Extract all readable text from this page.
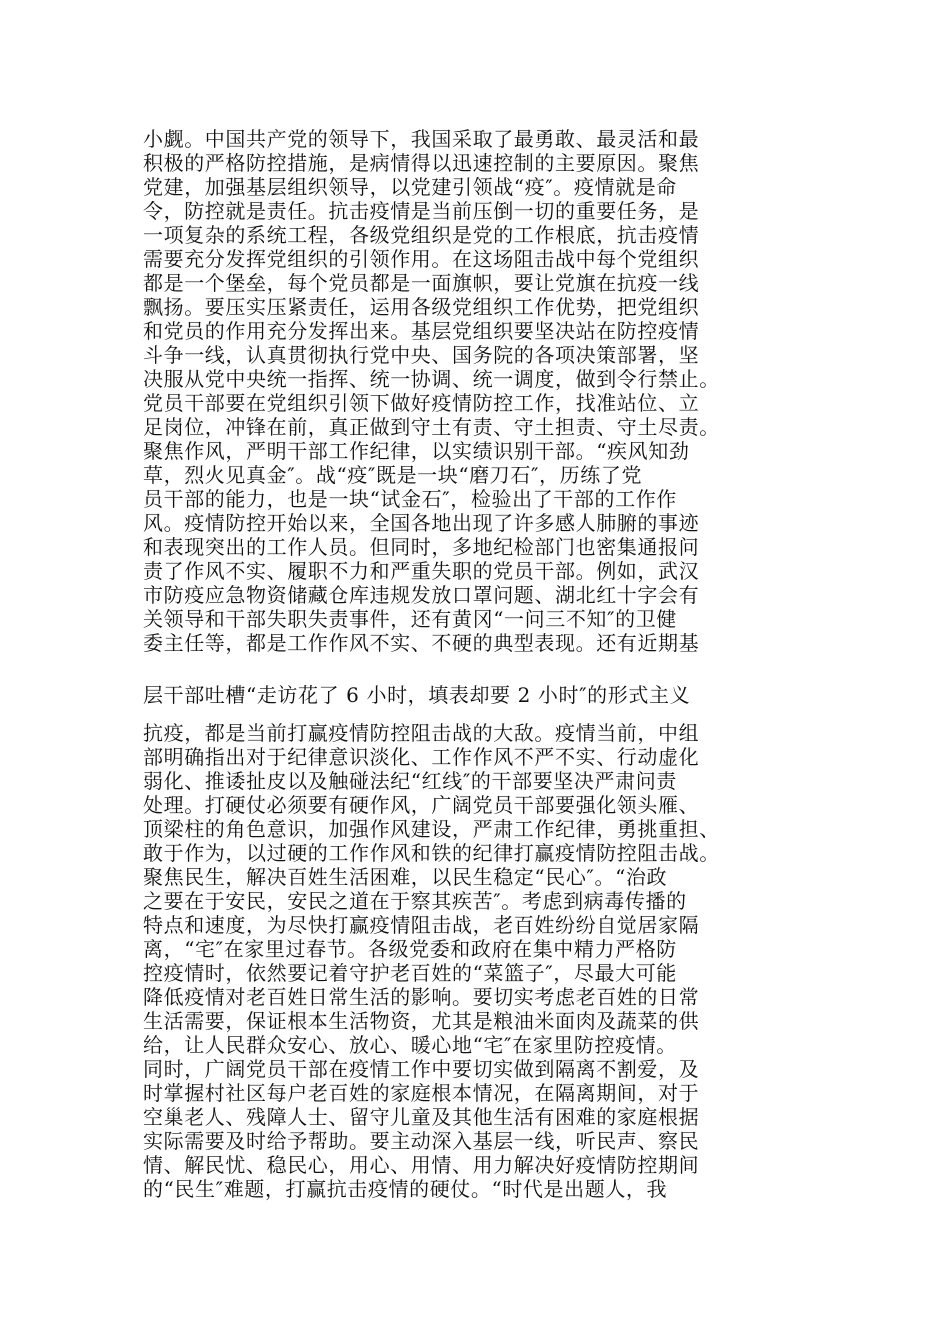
小觑。中国共产党的领导下，我国采取了最勇敢、最灵活和最
积极的严格防控措施，是病情得以迅速控制的主要原因。聚焦
党建，加强基层组织领导，以党建引领战“疫″。疫情就是命
令，防控就是责任。抗击疫情是当前压倒一切的重要任务，是
一项复杂的系统工程，各级党组织是党的工作根底，抗击疫情
需要充分发挥党组织的引领作用。在这场阻击战中每个党组织
都是一个堡垒，每个党员都是一面旗帜，要让党旗在抗疫一线
飘扬。要压实压紧责任，运用各级党组织工作优势，把党组织
和党员的作用充分发挥出来。基层党组织要坚决站在防控疫情
斗争一线，认真贯彻执行党中央、国务院的各项决策部署，坚
决服从党中央统一指挥、统一协调、统一调度，做到令行禁止。
党员干部要在党组织引领下做好疫情防控工作，找准站位、立
足岗位，冲锋在前，真正做到守土有责、守土担责、守土尽责。
聚焦作风，严明干部工作纪律，以实绩识别干部。“疾风知劲
草，烈火见真金″。战“疫″既是一块“磨刀石″，历练了党
员干部的能力，也是一块“试金石″，检验出了干部的工作作
风。疫情防控开始以来，全国各地出现了许多感人肺腑的事迹
和表现突出的工作人员。但同时，多地纪检部门也密集通报问
责了作风不实、履职不力和严重失职的党员干部。例如，武汉
市防疫应急物资储藏仓库违规发放口罩问题、湖北红十字会有
关领导和干部失职失责事件，还有黄冈“一问三不知″的卫健
委主任等，都是工作作风不实、不硬的典型表现。还有近期基
层干部吐槽“走访花了 6 小时，填表却要 2 小时″的形式主义
抗疫，都是当前打赢疫情防控阻击战的大敌。疫情当前，中组
部明确指出对于纪律意识淡化、工作作风不严不实、行动虚化
弱化、推诿扯皮以及触碰法纪“红线″的干部要坚决严肃问责
处理。打硬仗必须要有硬作风，广阔党员干部要强化领头雁、
顶梁柱的角色意识，加强作风建设，严肃工作纪律，勇挑重担、
敢于作为，以过硬的工作作风和铁的纪律打赢疫情防控阻击战。
聚焦民生，解决百姓生活困难，以民生稳定“民心″。“治政
之要在于安民，安民之道在于察其疾苦″。考虑到病毒传播的
特点和速度，为尽快打赢疫情阻击战，老百姓纷纷自觉居家隔
离，“宅″在家里过春节。各级党委和政府在集中精力严格防
控疫情时，依然要记着守护老百姓的“菜篮子″，尽最大可能
降低疫情对老百姓日常生活的影响。要切实考虑老百姓的日常
生活需要，保证根本生活物资，尤其是粮油米面肉及蔬菜的供
给，让人民群众安心、放心、暖心地“宅″在家里防控疫情。
同时，广阔党员干部在疫情工作中要切实做到隔离不割爱，及
时掌握村社区每户老百姓的家庭根本情况，在隔离期间，对于
空巢老人、残障人士、留守儿童及其他生活有困难的家庭根据
实际需要及时给予帮助。要主动深入基层一线，听民声、察民
情、解民忧、稳民心，用心、用情、用力解决好疫情防控期间
的“民生″难题，打赢抗击疫情的硬仗。“时代是出题人，我
